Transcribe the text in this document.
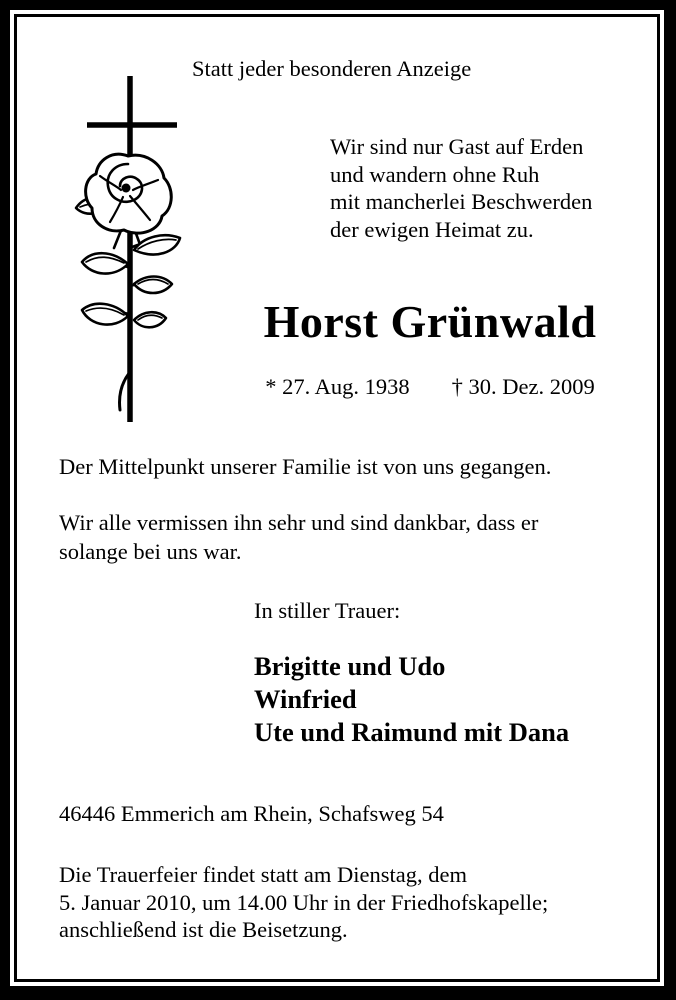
Statt jeder besonderen Anzeige
Wir sind nur Gast auf Erden
und wandern ohne Ruh
mit mancherlei Beschwerden
der ewigen Heimat zu.
Horst Grünwald
* 27. Aug. 1938 † 30. Dez. 2009
Der Mittelpunkt unserer Familie ist von uns gegangen.
Wir alle vermissen ihn sehr und sind dankbar, dass er
solange bei uns war.
In stiller Trauer:
Brigitte und Udo
Winfried
Ute und Raimund mit Dana
46446 Emmerich am Rhein, Schafsweg 54
Die Trauerfeier findet statt am Dienstag, dem
5. Januar 2010, um 14.00 Uhr in der Friedhofskapelle;
anschließend ist die Beisetzung.
